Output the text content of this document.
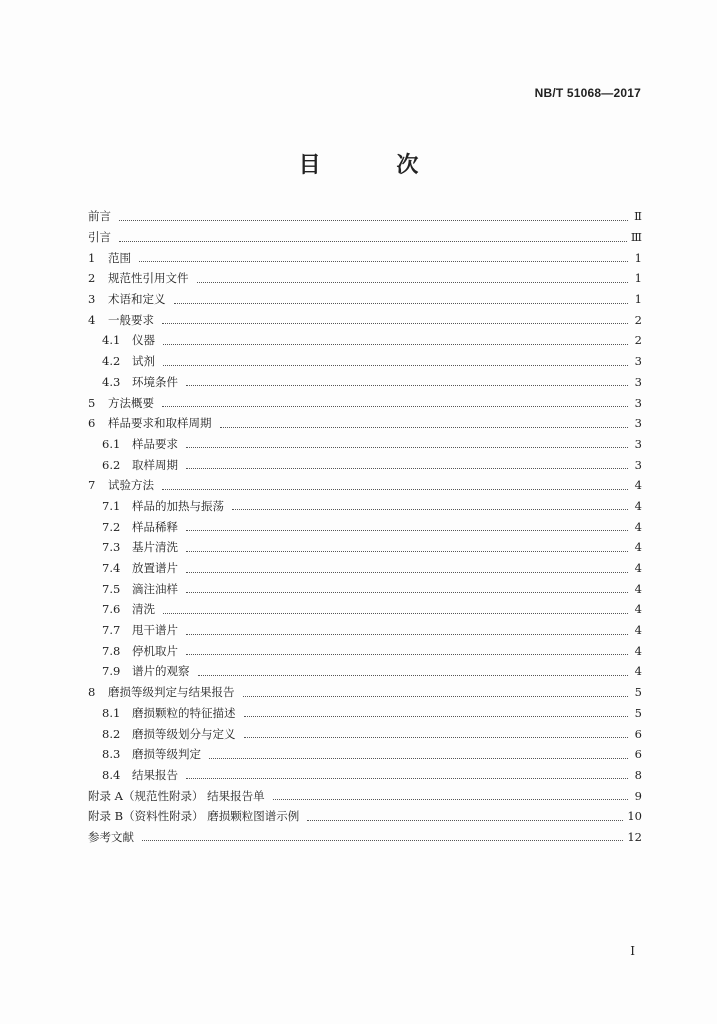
NB/T 51068—2017
目 次
前言	Ⅱ
引言	Ⅲ
1	范围	1
2	规范性引用文件	1
3	术语和定义	1
4	一般要求	2
4.1	仪器	2
4.2	试剂	3
4.3	环境条件	3
5	方法概要	3
6	样品要求和取样周期	3
6.1	样品要求	3
6.2	取样周期	3
7	试验方法	4
7.1	样品的加热与振荡	4
7.2	样品稀释	4
7.3	基片清洗	4
7.4	放置谱片	4
7.5	滴注油样	4
7.6	清洗	4
7.7	甩干谱片	4
7.8	停机取片	4
7.9	谱片的观察	4
8	磨损等级判定与结果报告	5
8.1	磨损颗粒的特征描述	5
8.2	磨损等级划分与定义	6
8.3	磨损等级判定	6
8.4	结果报告	8
附录 A（规范性附录） 结果报告单	9
附录 B（资料性附录） 磨损颗粒图谱示例	10
参考文献	12
I
